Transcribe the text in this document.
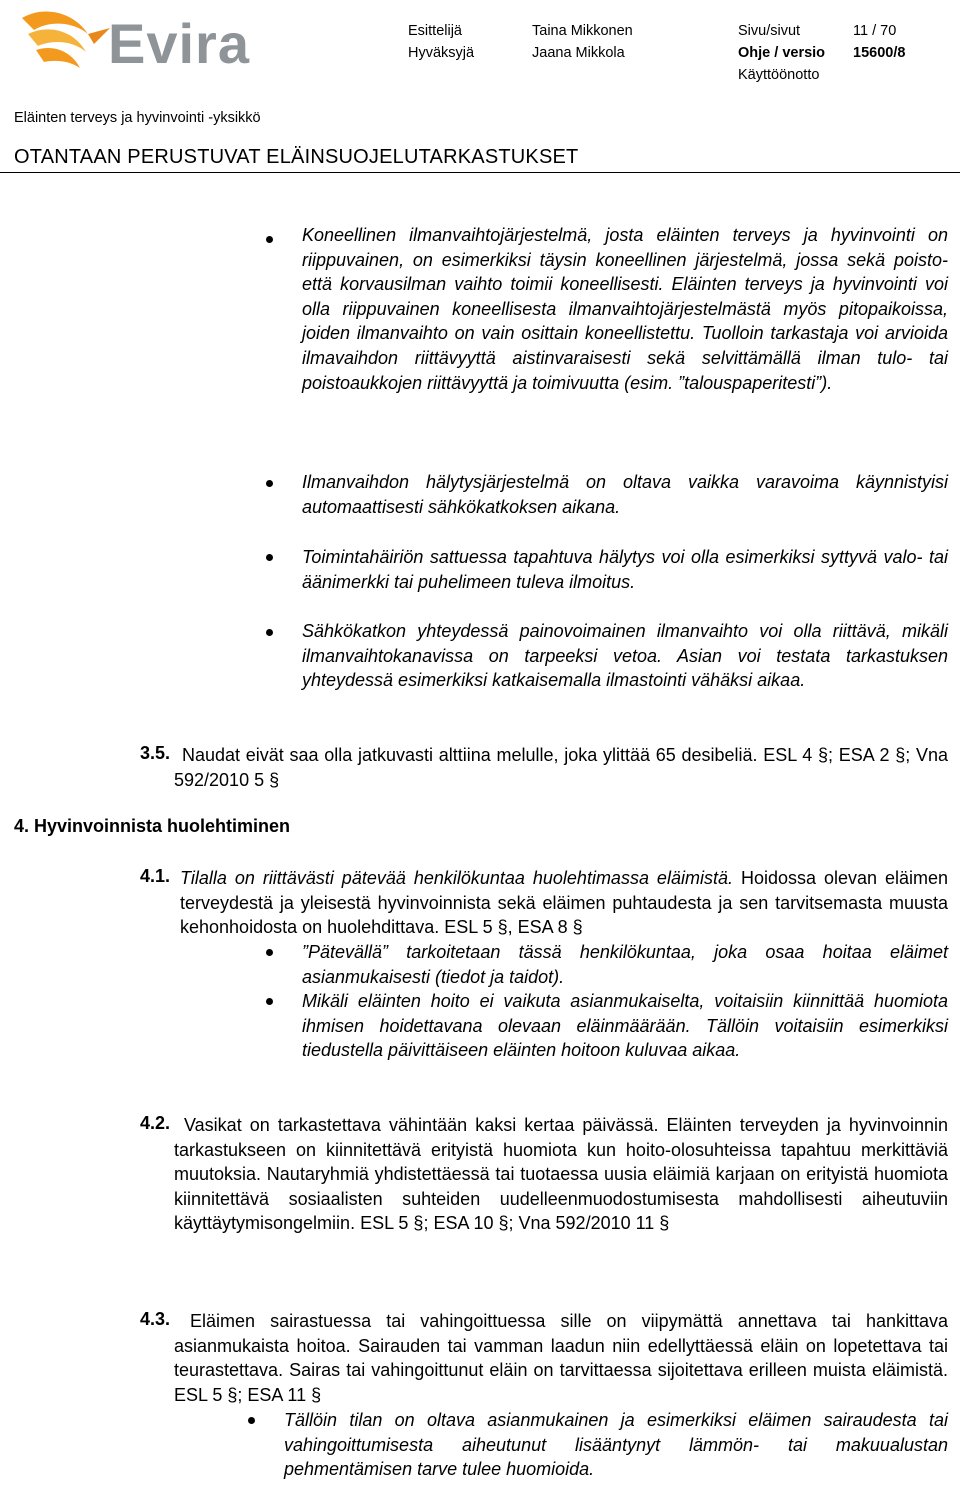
Evira	Esittelijä	Taina Mikkonen	Sivu/sivut	11 / 70
Hyväksyjä	Jaana Mikkola	Ohje / versio 15600/8
Käyttöönotto
Eläinten terveys ja hyvinvointi -yksikkö
OTANTAAN PERUSTUVAT ELÄINSUOJELUTARKASTUKSET
Koneellinen ilmanvaihtojärjestelmä, josta eläinten terveys ja hyvinvointi on riippuvainen, on esimerkiksi täysin koneellinen järjestelmä, jossa sekä poisto- että korvausilman vaihto toimii koneellisesti. Eläinten terveys ja hyvinvointi voi olla riippuvainen koneellisesta ilmanvaihtojärjestelmästä myös pitopaikoissa, joiden ilmanvaihto on vain osittain koneellistettu. Tuolloin tarkastaja voi arvioida ilmavaihdon riittävyyttä aistinvaraisesti sekä selvittämällä ilman tulo- tai poistoaukkojen riittävyyttä ja toimivuutta (esim. ”talouspaperitesti”).
Ilmanvaihdon hälytysjärjestelmä on oltava vaikka varavoima käynnistyisi automaattisesti sähkökatkoksen aikana.
Toimintahäiriön sattuessa tapahtuva hälytys voi olla esimerkiksi syttyvä valo- tai äänimerkki tai puhelimeen tuleva ilmoitus.
Sähkökatkon yhteydessä painovoimainen ilmanvaihto voi olla riittävä, mikäli ilmanvaihtokanavissa on tarpeeksi vetoa. Asian voi testata tarkastuksen yhteydessä esimerkiksi katkaisemalla ilmastointi vähäksi aikaa.
3.5. Naudat eivät saa olla jatkuvasti alttiina melulle, joka ylittää 65 desibeliä. ESL 4 §; ESA 2 §; Vna 592/2010 5 §
4. Hyvinvoinnista huolehtiminen
4.1. Tilalla on riittävästi pätevää henkilökuntaa huolehtimassa eläimistä. Hoidossa olevan eläimen terveydestä ja yleisestä hyvinvoinnista sekä eläimen puhtaudesta ja sen tarvitsemasta muusta kehonhoidosta on huolehdittava. ESL 5 §, ESA 8 §
”Pätevällä” tarkoitetaan tässä henkilökuntaa, joka osaa hoitaa eläimet asianmukaisesti (tiedot ja taidot).
Mikäli eläinten hoito ei vaikuta asianmukaiselta, voitaisiin kiinnittää huomiota ihmisen hoidettavana olevaan eläinmäärään. Tällöin voitaisiin esimerkiksi tiedustella päivittäiseen eläinten hoitoon kuluvaa aikaa.
4.2. Vasikat on tarkastettava vähintään kaksi kertaa päivässä. Eläinten terveyden ja hyvinvoinnin tarkastukseen on kiinnitettävä erityistä huomiota kun hoito-olosuhteissa tapahtuu merkittäviä muutoksia. Nautaryhmiä yhdistettäessä tai tuotaessa uusia eläimiä karjaan on erityistä huomiota kiinnitettävä sosiaalisten suhteiden uudelleenmuodostumisesta mahdollisesti aiheutuviin käyttäytymisongelmiin. ESL 5 §; ESA 10 §; Vna 592/2010 11 §
4.3.	Eläimen sairastuessa tai vahingoittuessa sille on viipymättä annettava tai hankittava asianmukaista hoitoa. Sairauden tai vamman laadun niin edellyttäessä eläin on lopetettava tai teurastettava. Sairas tai vahingoittunut eläin on tarvittaessa sijoitettava erilleen muista eläimistä. ESL 5 §; ESA 11 §
Tällöin tilan on oltava asianmukainen ja esimerkiksi eläimen sairaudesta tai vahingoittumisesta aiheutunut lisääntynyt lämmön- tai makuualustan pehmentämisen tarve tulee huomioida.
